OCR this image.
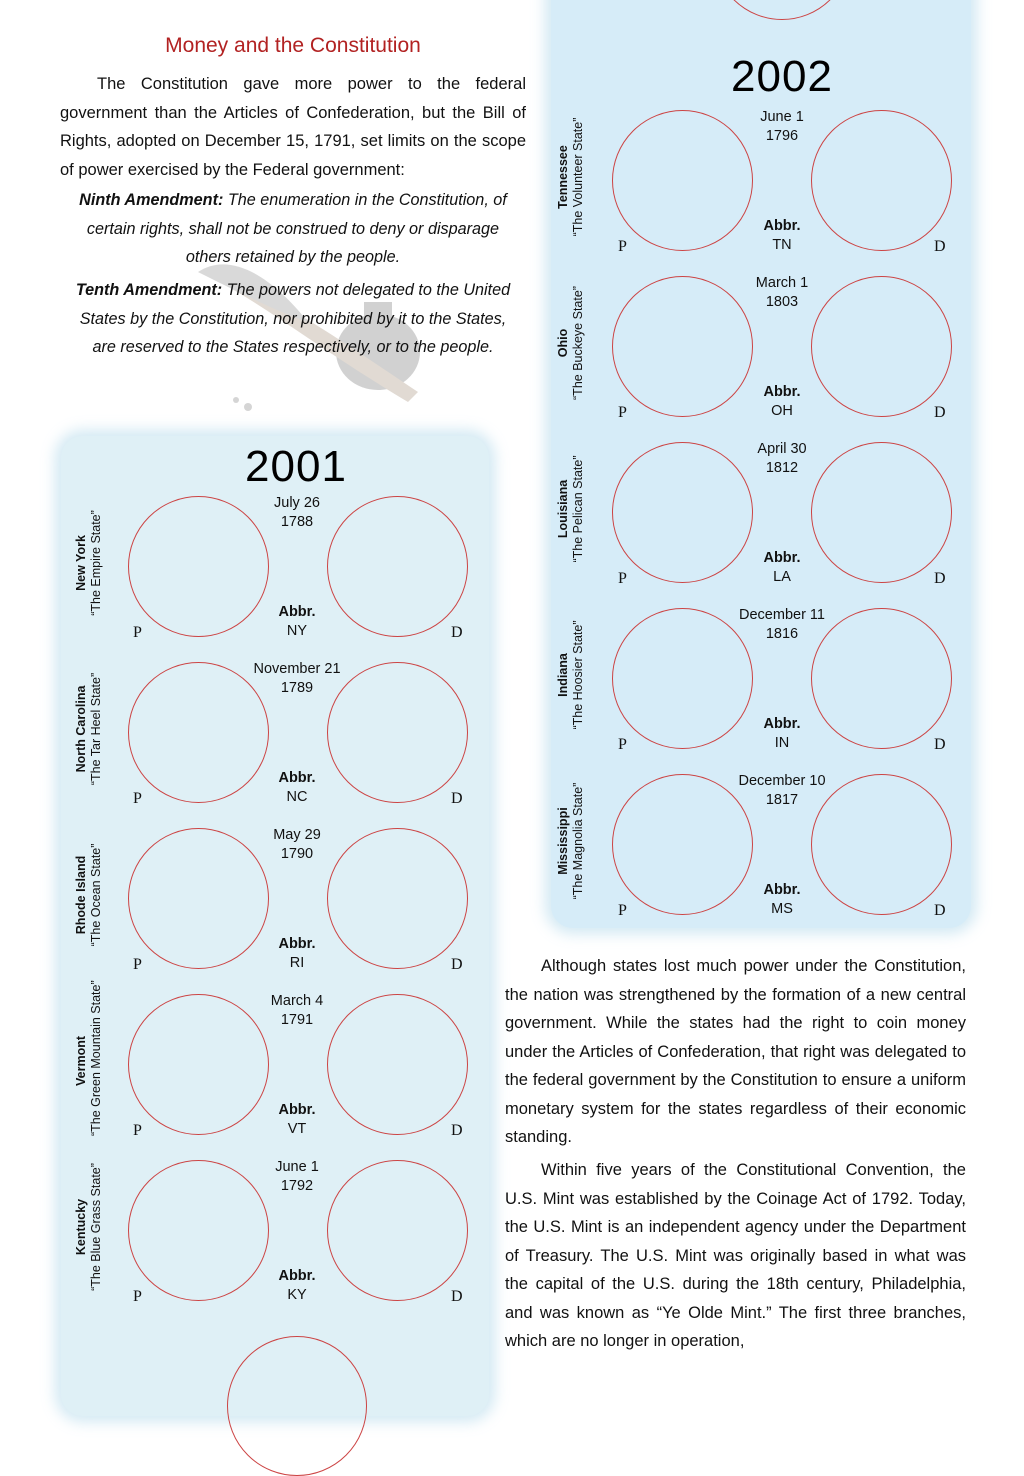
Money and the Constitution

The Constitution gave more power to the federal government than the Articles of Confederation, but the Bill of Rights, adopted on December 15, 1791, set limits on the scope of power exercised by the Federal government:

Ninth Amendment: The enumeration in the Constitution, of certain rights, shall not be construed to deny or disparage others retained by the people.

Tenth Amendment: The powers not delegated to the United States by the Constitution, nor prohibited by it to the States, are reserved to the States respectively, or to the people.

2001
2002
July 26
1788
Abbr.
NY
P	D
New York “The Empire State”
November 21
1789
Abbr.
NC
P	D
North Carolina “The Tar Heel State”
May 29
1790
Abbr.
RI
P	D
Rhode Island “The Ocean State”
March 4
1791
Abbr.
VT
P	D
Vermont “The Green Mountain State”
June 1
1792
Abbr.
KY
P	D
Kentucky “The Blue Grass State”
June 1
1796
Abbr.
TN
P	D
Tennessee “The Volunteer State”
March 1
1803
Abbr.
OH
P	D
Ohio “The Buckeye State”
April 30
1812
Abbr.
LA
P	D
Louisiana “The Pelican State”
December 11
1816
Abbr.
IN
P	D
Indiana “The Hoosier State”
December 10
1817
Abbr.
MS
P	D
Mississippi “The Magnolia State”
Although states lost much power under the Constitution, the nation was strengthened by the formation of a new central government. While the states had the right to coin money under the Articles of Confederation, that right was delegated to the federal government by the Constitution to ensure a uniform monetary system for the states regardless of their economic standing.
Within five years of the Constitutional Convention, the U.S. Mint was established by the Coinage Act of 1792. Today, the U.S. Mint is an independent agency under the Department of Treasury. The U.S. Mint was originally based in what was the capital of the U.S. during the 18th century, Philadelphia, and was known as “Ye Olde Mint.” The first three branches, which are no longer in operation,
